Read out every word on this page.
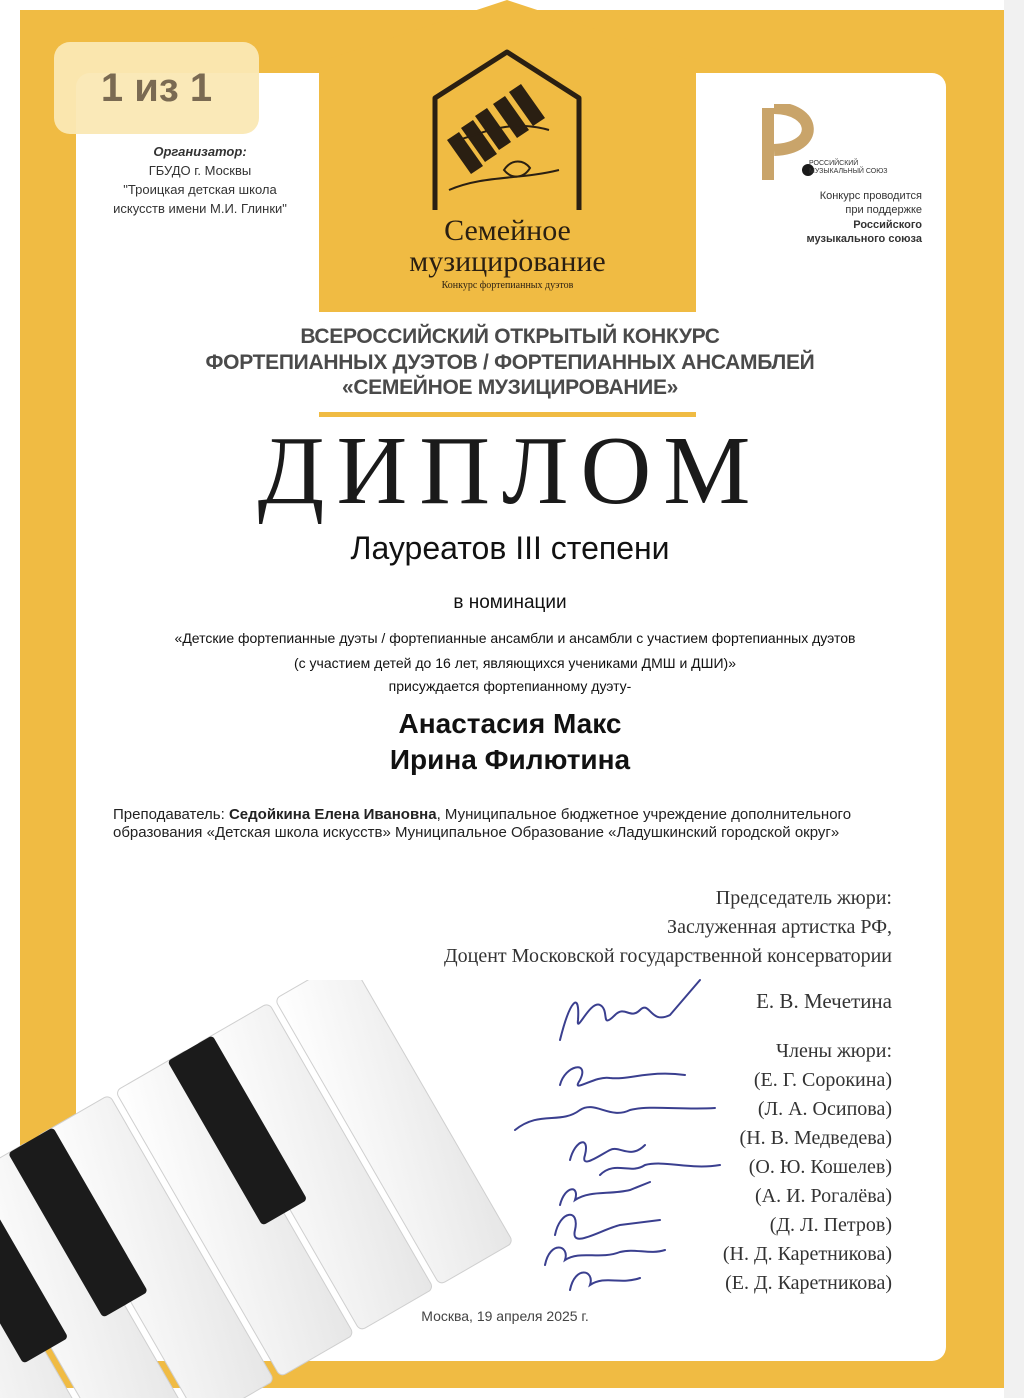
1 из 1
Организатор:
ГБУДО г. Москвы
"Троицкая детская школа
искусств имени М.И. Глинки"
Семейное
музицирование
Конкурс фортепианных дуэтов
РОССИЙСКИЙ
МУЗЫКАЛЬНЫЙ СОЮЗ
Конкурс проводится
при поддержке
Российского
музыкального союза
ВСЕРОССИЙСКИЙ ОТКРЫТЫЙ КОНКУРС
ФОРТЕПИАННЫХ ДУЭТОВ / ФОРТЕПИАННЫХ АНСАМБЛЕЙ
«СЕМЕЙНОЕ МУЗИЦИРОВАНИЕ»
ДИПЛОМ
Лауреатов III степени
в номинации
«Детские фортепианные дуэты / фортепианные ансамбли и ансамбли с участием фортепианных дуэтов
(с участием детей до 16 лет, являющихся учениками ДМШ и ДШИ)»
присуждается фортепианному дуэту-
Анастасия Макс
Ирина Филютина
Преподаватель: Седойкина Елена Ивановна, Муниципальное бюджетное учреждение дополнительного образования «Детская школа искусств» Муниципальное Образование «Ладушкинский городской округ»
Председатель жюри:
Заслуженная артистка РФ,
Доцент Московской государственной консерватории
Е. В. Мечетина
Члены жюри:
(Е. Г. Сорокина)
(Л. А. Осипова)
(Н. В. Медведева)
(О. Ю. Кошелев)
(А. И. Рогалёва)
(Д. Л. Петров)
(Н. Д. Каретникова)
(Е. Д. Каретникова)
Москва, 19 апреля 2025 г.
